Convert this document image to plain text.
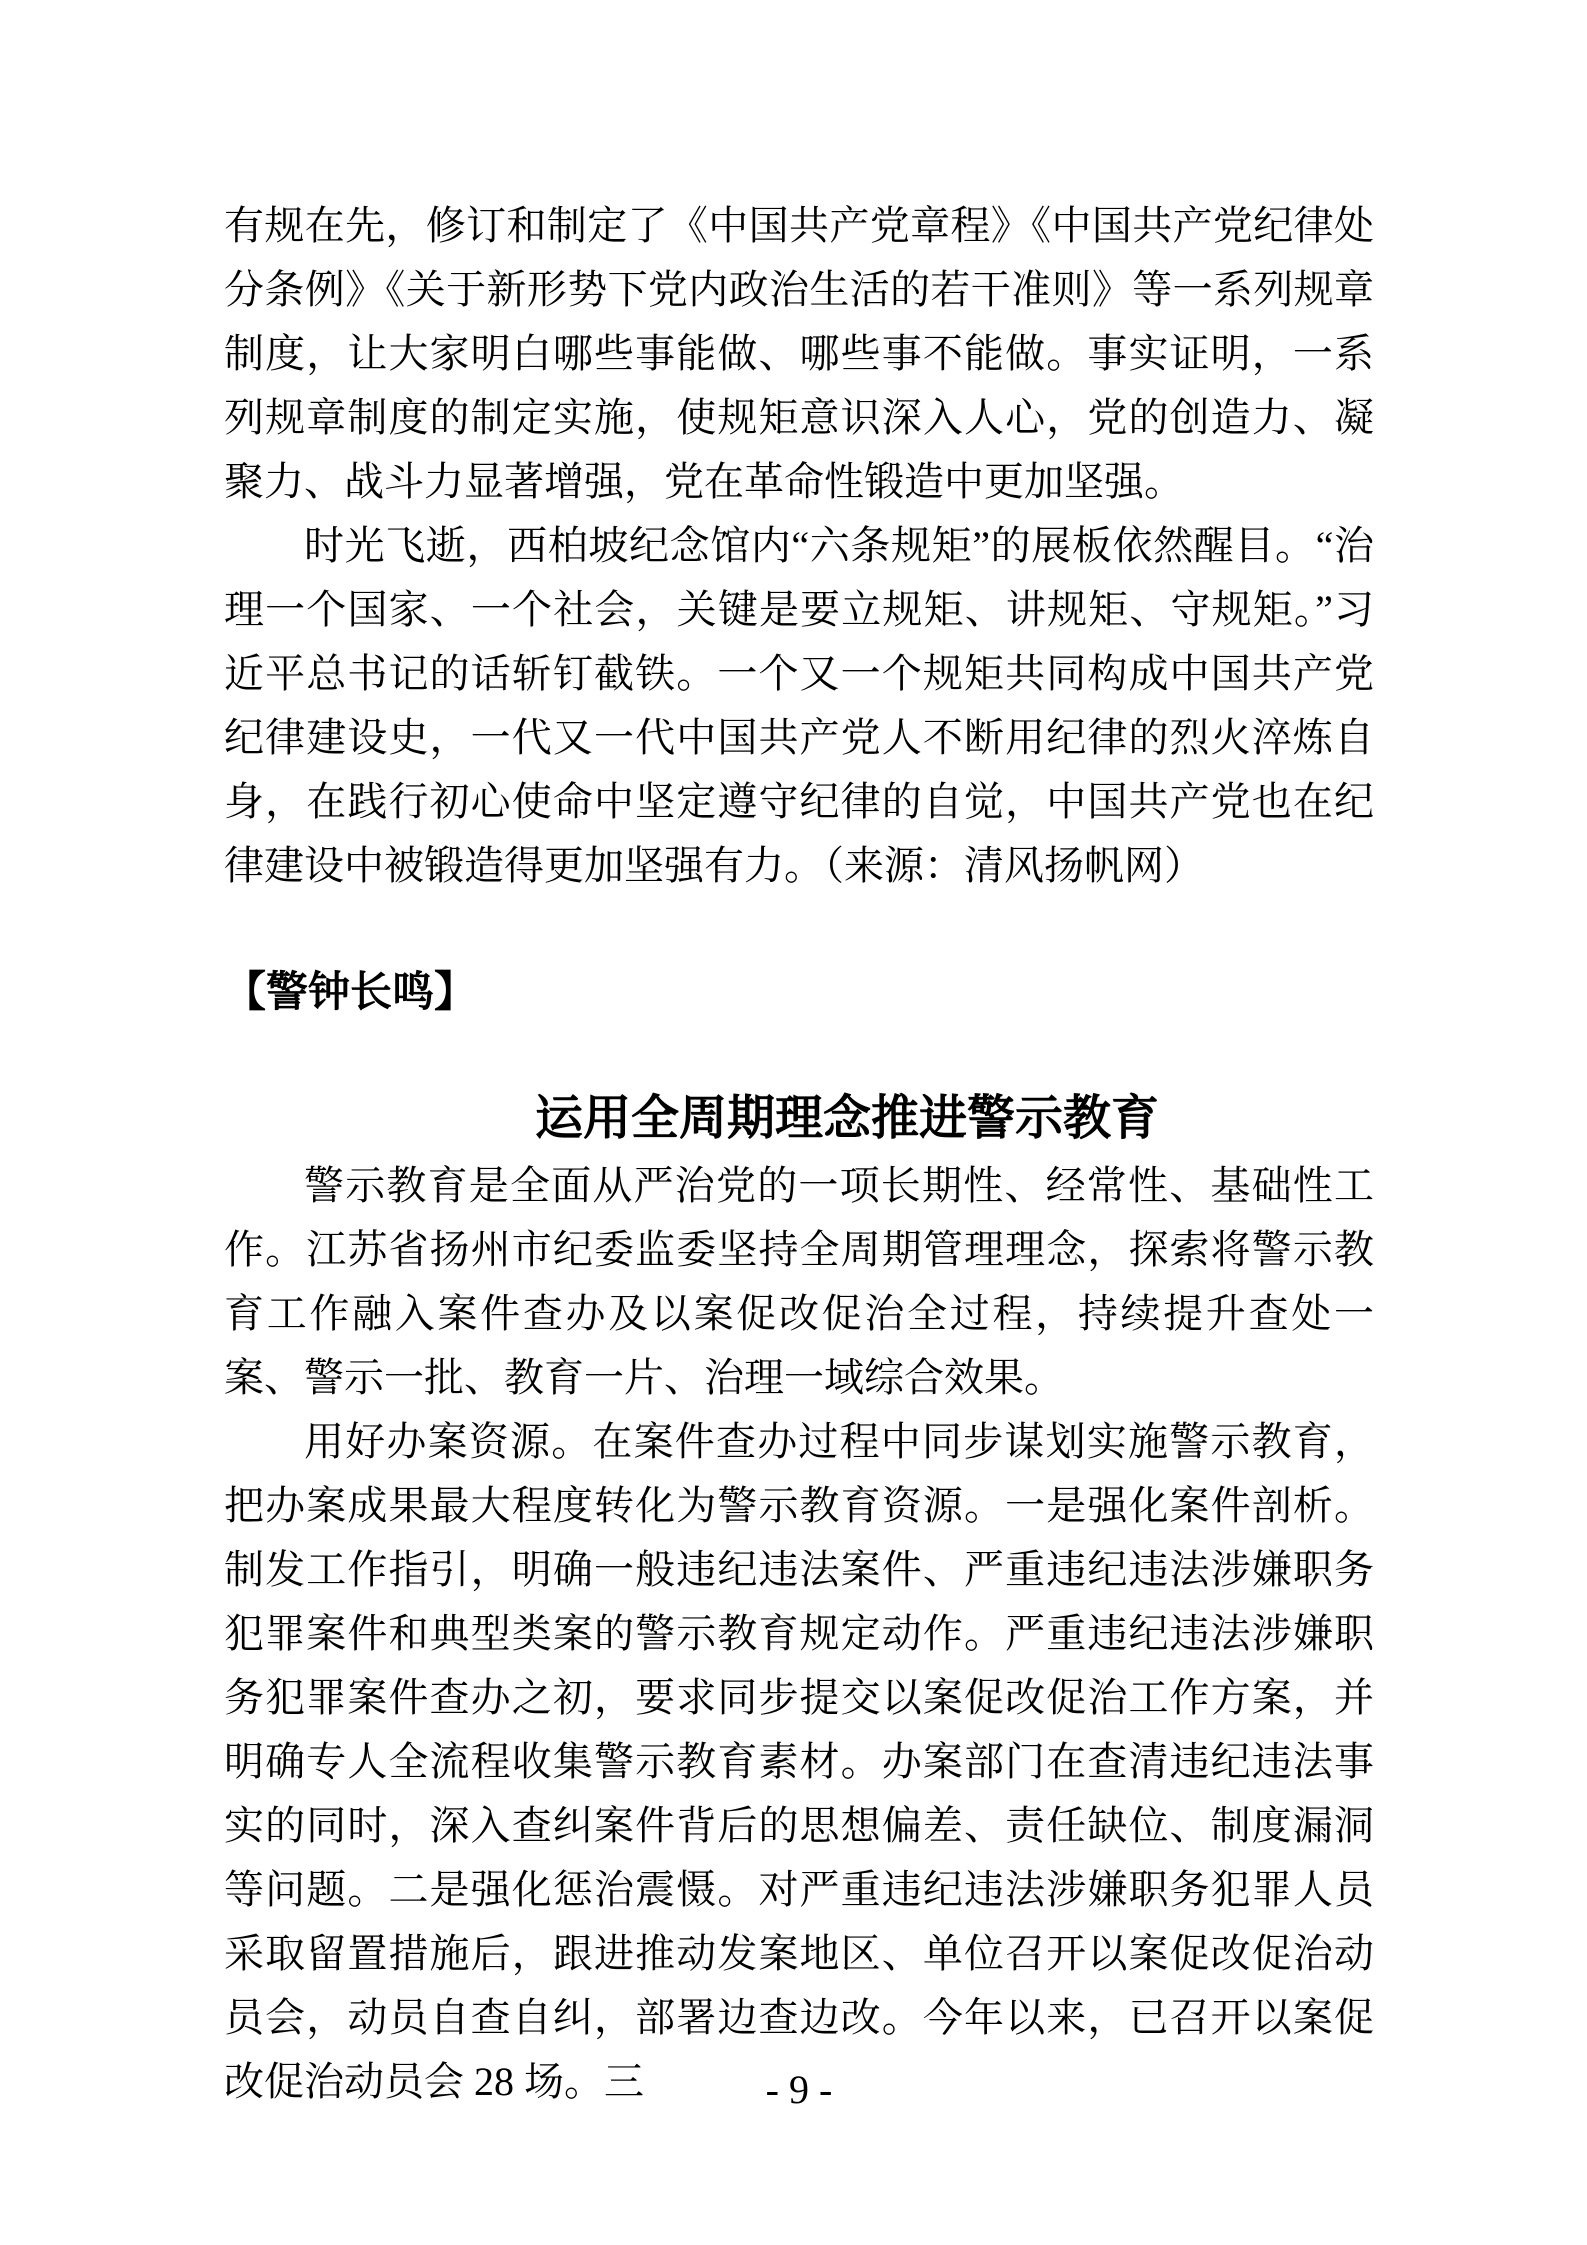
有规在先，修订和制定了《中国共产党章程》《中国共产党纪律处分条例》《关于新形势下党内政治生活的若干准则》等一系列规章制度，让大家明白哪些事能做、哪些事不能做。事实证明，一系列规章制度的制定实施，使规矩意识深入人心，党的创造力、凝聚力、战斗力显著增强，党在革命性锻造中更加坚强。

时光飞逝，西柏坡纪念馆内“六条规矩”的展板依然醒目。“治理一个国家、一个社会，关键是要立规矩、讲规矩、守规矩。”习近平总书记的话斩钉截铁。一个又一个规矩共同构成中国共产党纪律建设史，一代又一代中国共产党人不断用纪律的烈火淬炼自身，在践行初心使命中坚定遵守纪律的自觉，中国共产党也在纪律建设中被锻造得更加坚强有力。（来源：清风扬帆网）

【警钟长鸣】
运用全周期理念推进警示教育

警示教育是全面从严治党的一项长期性、经常性、基础性工作。江苏省扬州市纪委监委坚持全周期管理理念，探索将警示教育工作融入案件查办及以案促改促治全过程，持续提升查处一案、警示一批、教育一片、治理一域综合效果。

用好办案资源。在案件查办过程中同步谋划实施警示教育，把办案成果最大程度转化为警示教育资源。一是强化案件剖析。制发工作指引，明确一般违纪违法案件、严重违纪违法涉嫌职务犯罪案件和典型类案的警示教育规定动作。严重违纪违法涉嫌职务犯罪案件查办之初，要求同步提交以案促改促治工作方案，并明确专人全流程收集警示教育素材。办案部门在查清违纪违法事实的同时，深入查纠案件背后的思想偏差、责任缺位、制度漏洞等问题。二是强化惩治震慑。对严重违纪违法涉嫌职务犯罪人员采取留置措施后，跟进推动发案地区、单位召开以案促改促治动员会，动员自查自纠，部署边查边改。今年以来，已召开以案促改促治动员会 28 场。三	- 9 -
